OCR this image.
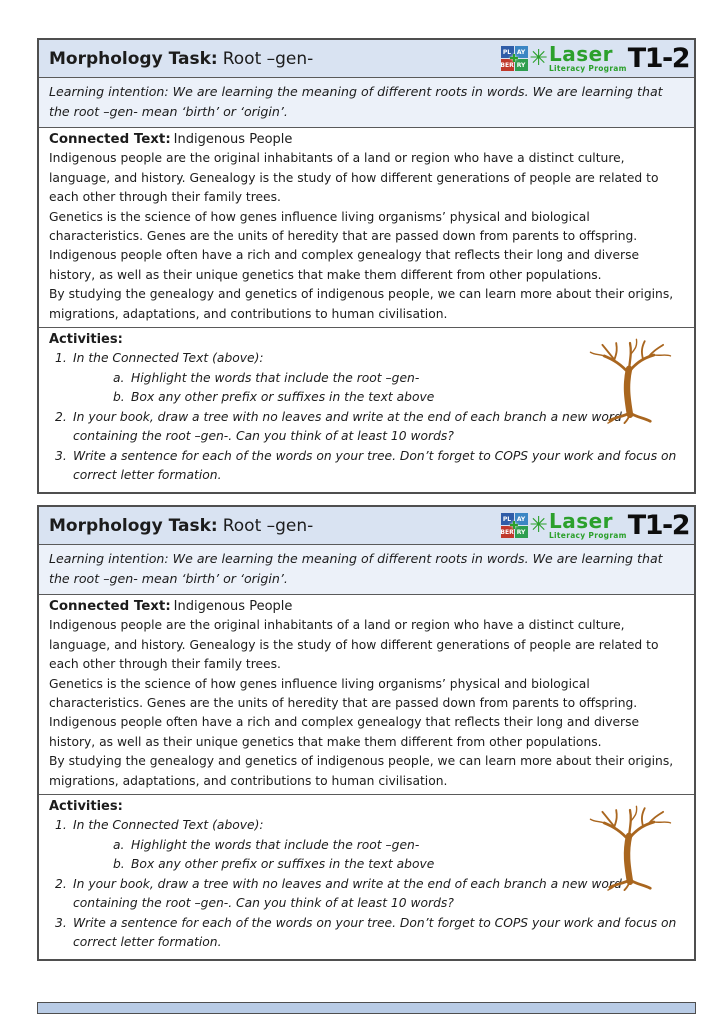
Morphology Task: Root –gen-	PL AY
BER RY
✚ ✳ Laser
Literacy Program T1-2
Learning intention: We are learning the meaning of different roots in words. We are learning that the root –gen- mean ‘birth’ or ‘origin’.

Connected Text: Indigenous People

Indigenous people are the original inhabitants of a land or region who have a distinct culture, language, and history. Genealogy is the study of how different generations of people are related to each other through their family trees.

Genetics is the science of how genes influence living organisms’ physical and biological characteristics. Genes are the units of heredity that are passed down from parents to offspring.

Indigenous people often have a rich and complex genealogy that reflects their long and diverse history, as well as their unique genetics that make them different from other populations.

By studying the genealogy and genetics of indigenous people, we can learn more about their origins, migrations, adaptations, and contributions to human civilisation.

Activities:
1. In the Connected Text (above):
a. Highlight the words that include the root –gen-
b. Box any other prefix or suffixes in the text above
2. In your book, draw a tree with no leaves and write at the end of each branch a new word containing the root –gen-. Can you think of at least 10 words?
3. Write a sentence for each of the words on your tree. Don’t forget to COPS your work and focus on correct letter formation.
Morphology Task: Root –gen-	PL AY
BER RY
✚ ✳ Laser
Literacy Program T1-2
Learning intention: We are learning the meaning of different roots in words. We are learning that the root –gen- mean ‘birth’ or ‘origin’.

Connected Text: Indigenous People

Indigenous people are the original inhabitants of a land or region who have a distinct culture, language, and history. Genealogy is the study of how different generations of people are related to each other through their family trees.

Genetics is the science of how genes influence living organisms’ physical and biological characteristics. Genes are the units of heredity that are passed down from parents to offspring.

Indigenous people often have a rich and complex genealogy that reflects their long and diverse history, as well as their unique genetics that make them different from other populations.

By studying the genealogy and genetics of indigenous people, we can learn more about their origins, migrations, adaptations, and contributions to human civilisation.

Activities:
1. In the Connected Text (above):
a. Highlight the words that include the root –gen-
b. Box any other prefix or suffixes in the text above
2. In your book, draw a tree with no leaves and write at the end of each branch a new word containing the root –gen-. Can you think of at least 10 words?
3. Write a sentence for each of the words on your tree. Don’t forget to COPS your work and focus on correct letter formation.
